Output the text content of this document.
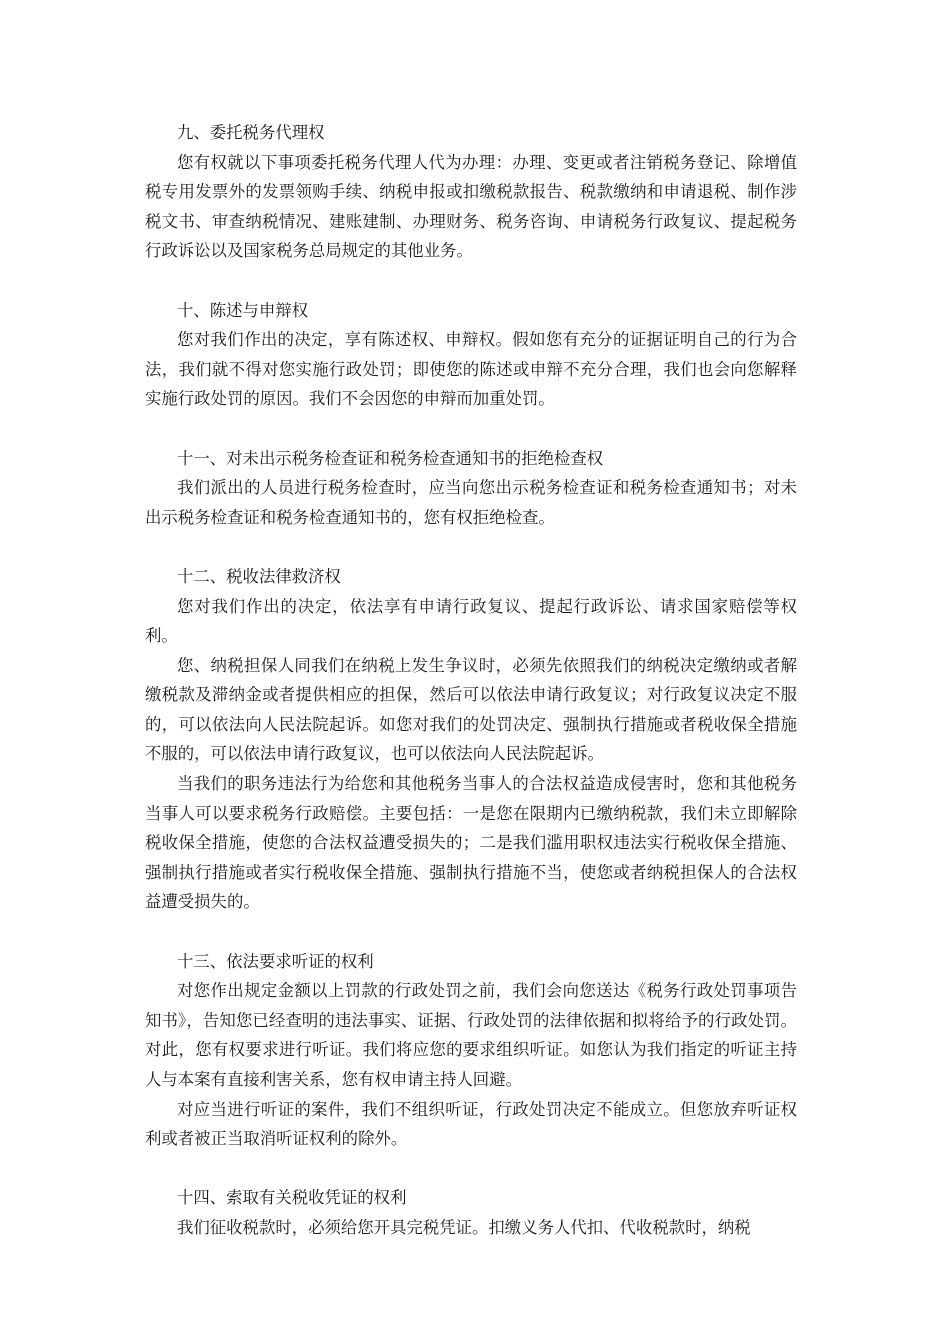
九、委托税务代理权

您有权就以下事项委托税务代理人代为办理：办理、变更或者注销税务登记、除增值税专用发票外的发票领购手续、纳税申报或扣缴税款报告、税款缴纳和申请退税、制作涉税文书、审查纳税情况、建账建制、办理财务、税务咨询、申请税务行政复议、提起税务行政诉讼以及国家税务总局规定的其他业务。

十、陈述与申辩权

您对我们作出的决定，享有陈述权、申辩权。假如您有充分的证据证明自己的行为合法，我们就不得对您实施行政处罚；即使您的陈述或申辩不充分合理，我们也会向您解释实施行政处罚的原因。我们不会因您的申辩而加重处罚。

十一、对未出示税务检查证和税务检查通知书的拒绝检查权

我们派出的人员进行税务检查时，应当向您出示税务检查证和税务检查通知书；对未出示税务检查证和税务检查通知书的，您有权拒绝检查。

十二、税收法律救济权

您对我们作出的决定，依法享有申请行政复议、提起行政诉讼、请求国家赔偿等权利。

您、纳税担保人同我们在纳税上发生争议时，必须先依照我们的纳税决定缴纳或者解缴税款及滞纳金或者提供相应的担保，然后可以依法申请行政复议；对行政复议决定不服的，可以依法向人民法院起诉。如您对我们的处罚决定、强制执行措施或者税收保全措施不服的，可以依法申请行政复议，也可以依法向人民法院起诉。

当我们的职务违法行为给您和其他税务当事人的合法权益造成侵害时，您和其他税务当事人可以要求税务行政赔偿。主要包括：一是您在限期内已缴纳税款，我们未立即解除税收保全措施，使您的合法权益遭受损失的；二是我们滥用职权违法实行税收保全措施、强制执行措施或者实行税收保全措施、强制执行措施不当，使您或者纳税担保人的合法权益遭受损失的。

十三、依法要求听证的权利

对您作出规定金额以上罚款的行政处罚之前，我们会向您送达《税务行政处罚事项告知书》，告知您已经查明的违法事实、证据、行政处罚的法律依据和拟将给予的行政处罚。对此，您有权要求进行听证。我们将应您的要求组织听证。如您认为我们指定的听证主持人与本案有直接利害关系，您有权申请主持人回避。

对应当进行听证的案件，我们不组织听证，行政处罚决定不能成立。但您放弃听证权利或者被正当取消听证权利的除外。

十四、索取有关税收凭证的权利

我们征收税款时，必须给您开具完税凭证。扣缴义务人代扣、代收税款时，纳税
